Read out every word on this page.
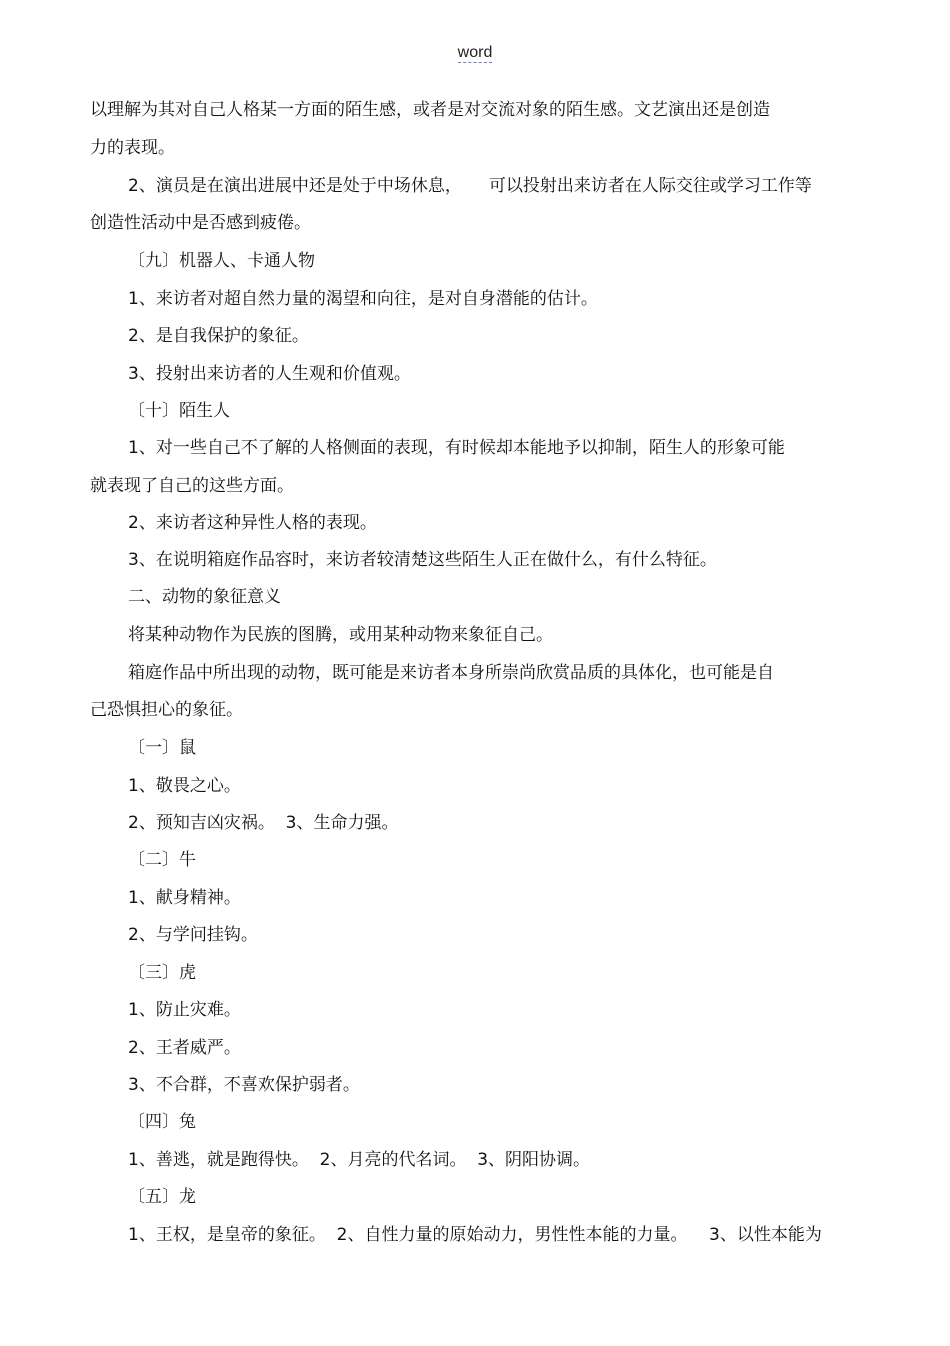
word
以理解为其对自己人格某一方面的陌生感，或者是对交流对象的陌生感。文艺演出还是创造
力的表现。
2、演员是在演出进展中还是处于中场休息，     可以投射出来访者在人际交往或学习工作等
创造性活动中是否感到疲倦。
〔九〕机器人、卡通人物
1、来访者对超自然力量的渴望和向往，是对自身潜能的估计。
2、是自我保护的象征。
3、投射出来访者的人生观和价值观。
〔十〕陌生人
1、对一些自己不了解的人格侧面的表现，有时候却本能地予以抑制，陌生人的形象可能
就表现了自己的这些方面。
2、来访者这种异性人格的表现。
3、在说明箱庭作品容时，来访者较清楚这些陌生人正在做什么，有什么特征。
二、动物的象征意义
将某种动物作为民族的图腾，或用某种动物来象征自己。
箱庭作品中所出现的动物，既可能是来访者本身所崇尚欣赏品质的具体化，也可能是自
己恐惧担心的象征。
〔一〕鼠
1、敬畏之心。
2、预知吉凶灾祸。  3、生命力强。
〔二〕牛
1、献身精神。
2、与学问挂钩。
〔三〕虎
1、防止灾难。
2、王者威严。
3、不合群，不喜欢保护弱者。
〔四〕兔
1、善逃，就是跑得快。  2、月亮的代名词。  3、阴阳协调。
〔五〕龙
1、王权，是皇帝的象征。  2、自性力量的原始动力，男性性本能的力量。    3、以性本能为
